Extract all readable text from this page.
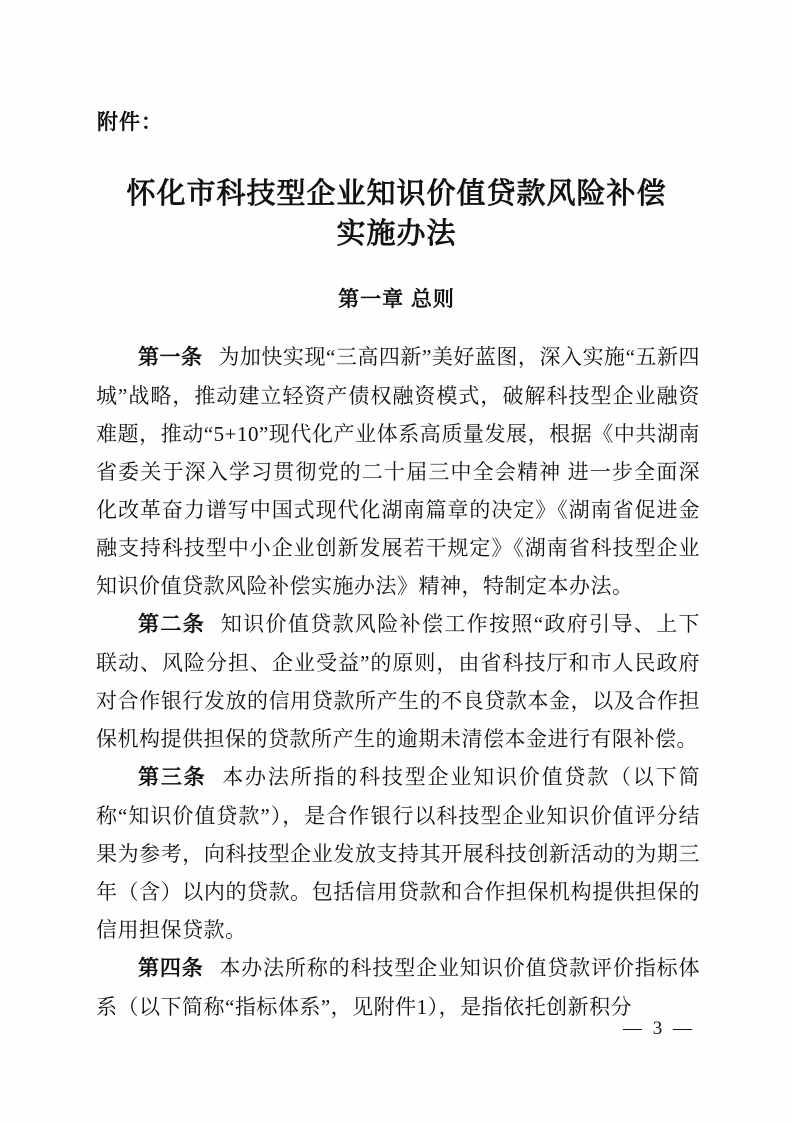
附件：
怀化市科技型企业知识价值贷款风险补偿
实施办法
第一章 总则

第一条 为加快实现“三高四新”美好蓝图，深入实施“五新四城”战略，推动建立轻资产债权融资模式，破解科技型企业融资难题，推动“5+10”现代化产业体系高质量发展，根据《中共湖南省委关于深入学习贯彻党的二十届三中全会精神 进一步全面深化改革奋力谱写中国式现代化湖南篇章的决定》《湖南省促进金融支持科技型中小企业创新发展若干规定》《湖南省科技型企业知识价值贷款风险补偿实施办法》精神，特制定本办法。

第二条 知识价值贷款风险补偿工作按照“政府引导、上下联动、风险分担、企业受益”的原则，由省科技厅和市人民政府对合作银行发放的信用贷款所产生的不良贷款本金，以及合作担保机构提供担保的贷款所产生的逾期未清偿本金进行有限补偿。

第三条 本办法所指的科技型企业知识价值贷款（以下简称“知识价值贷款”），是合作银行以科技型企业知识价值评分结果为参考，向科技型企业发放支持其开展科技创新活动的为期三年（含）以内的贷款。包括信用贷款和合作担保机构提供担保的信用担保贷款。

第四条 本办法所称的科技型企业知识价值贷款评价指标体系（以下简称“指标体系”，见附件1），是指依托创新积分

— 3 —
